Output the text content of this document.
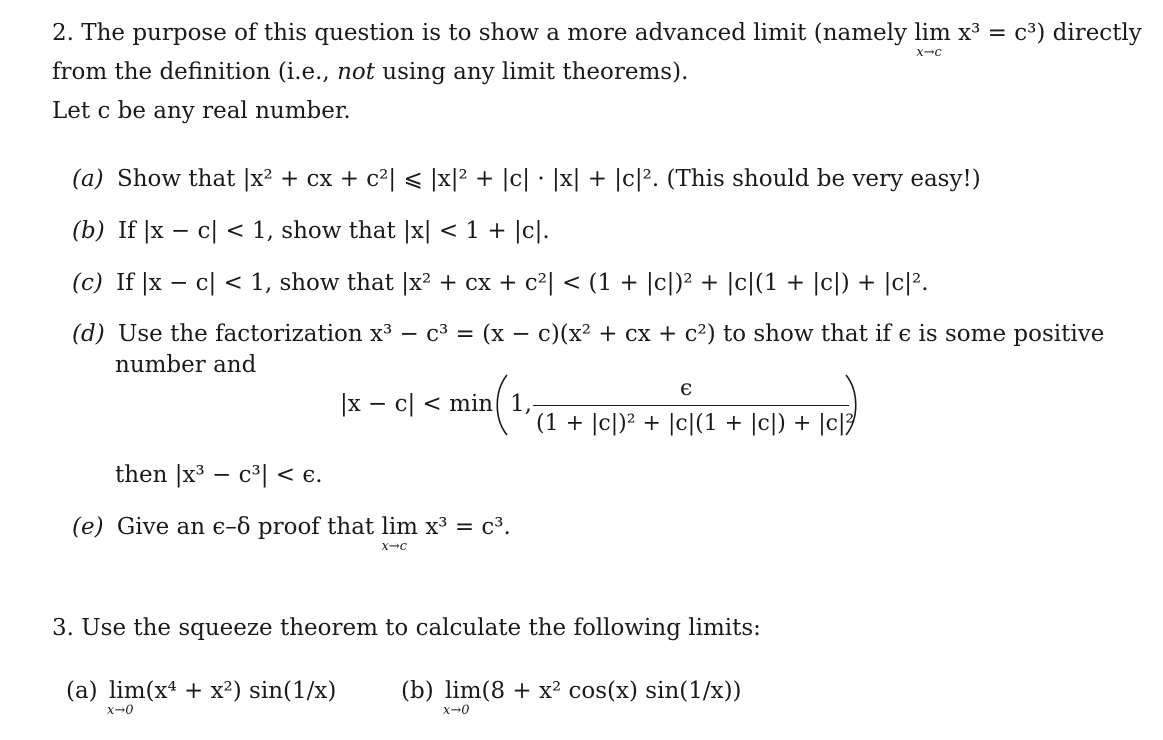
2. The purpose of this question is to show a more advanced limit (namely lim
x→c
x³ = c³) directly
from the definition (i.e., not using any limit theorems).
Let c be any real number.
(a) Show that |x² + cx + c²| ⩽ |x|² + |c| · |x| + |c|². (This should be very easy!)
(b) If |x − c| < 1, show that |x| < 1 + |c|.
(c) If |x − c| < 1, show that |x² + cx + c²| < (1 + |c|)² + |c|(1 + |c|) + |c|².
(d) Use the factorization x³ − c³ = (x − c)(x² + cx + c²) to show that if ϵ is some positive
number and
|x − c| < min 1,
ϵ
(1 + |c|)² + |c|(1 + |c|) + |c|²
then |x³ − c³| < ϵ.
(e) Give an ϵ–δ proof that lim
x→c
x³ = c³.
3. Use the squeeze theorem to calculate the following limits:
(a) lim
x→0
(x⁴ + x²) sin(1/x)	(b) lim
x→0
(8 + x² cos(x) sin(1/x))
